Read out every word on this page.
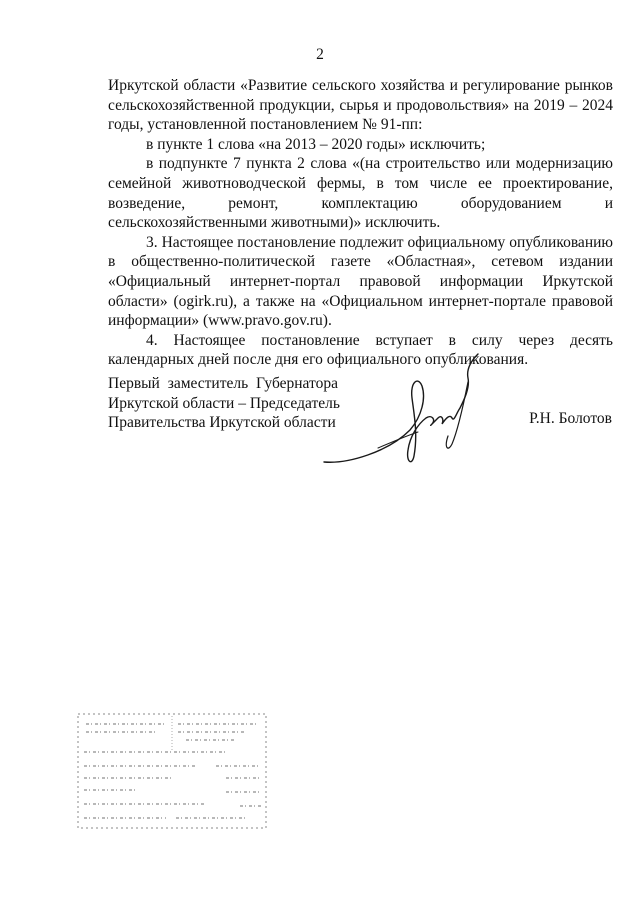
2

Иркутской области «Развитие сельского хозяйства и регулирование рынков сельскохозяйственной продукции, сырья и продовольствия» на 2019 – 2024 годы, установленной постановлением № 91-пп:

в пункте 1 слова «на 2013 – 2020 годы» исключить;

в подпункте 7 пункта 2 слова «(на строительство или модернизацию семейной животноводческой фермы, в том числе ее проектирование, возведение, ремонт, комплектацию оборудованием и сельскохозяйственными животными)» исключить.

3. Настоящее постановление подлежит официальному опубликованию в общественно-политической газете «Областная», сетевом издании «Официальный интернет-портал правовой информации Иркутской области» (ogirk.ru), а также на «Официальном интернет-портале правовой информации» (www.pravo.gov.ru).

4. Настоящее постановление вступает в силу через десять календарных дней после дня его официального опубликования.

Первый заместитель Губернатора
Иркутской области – Председатель
Правительства Иркутской области	Р.Н. Болотов
